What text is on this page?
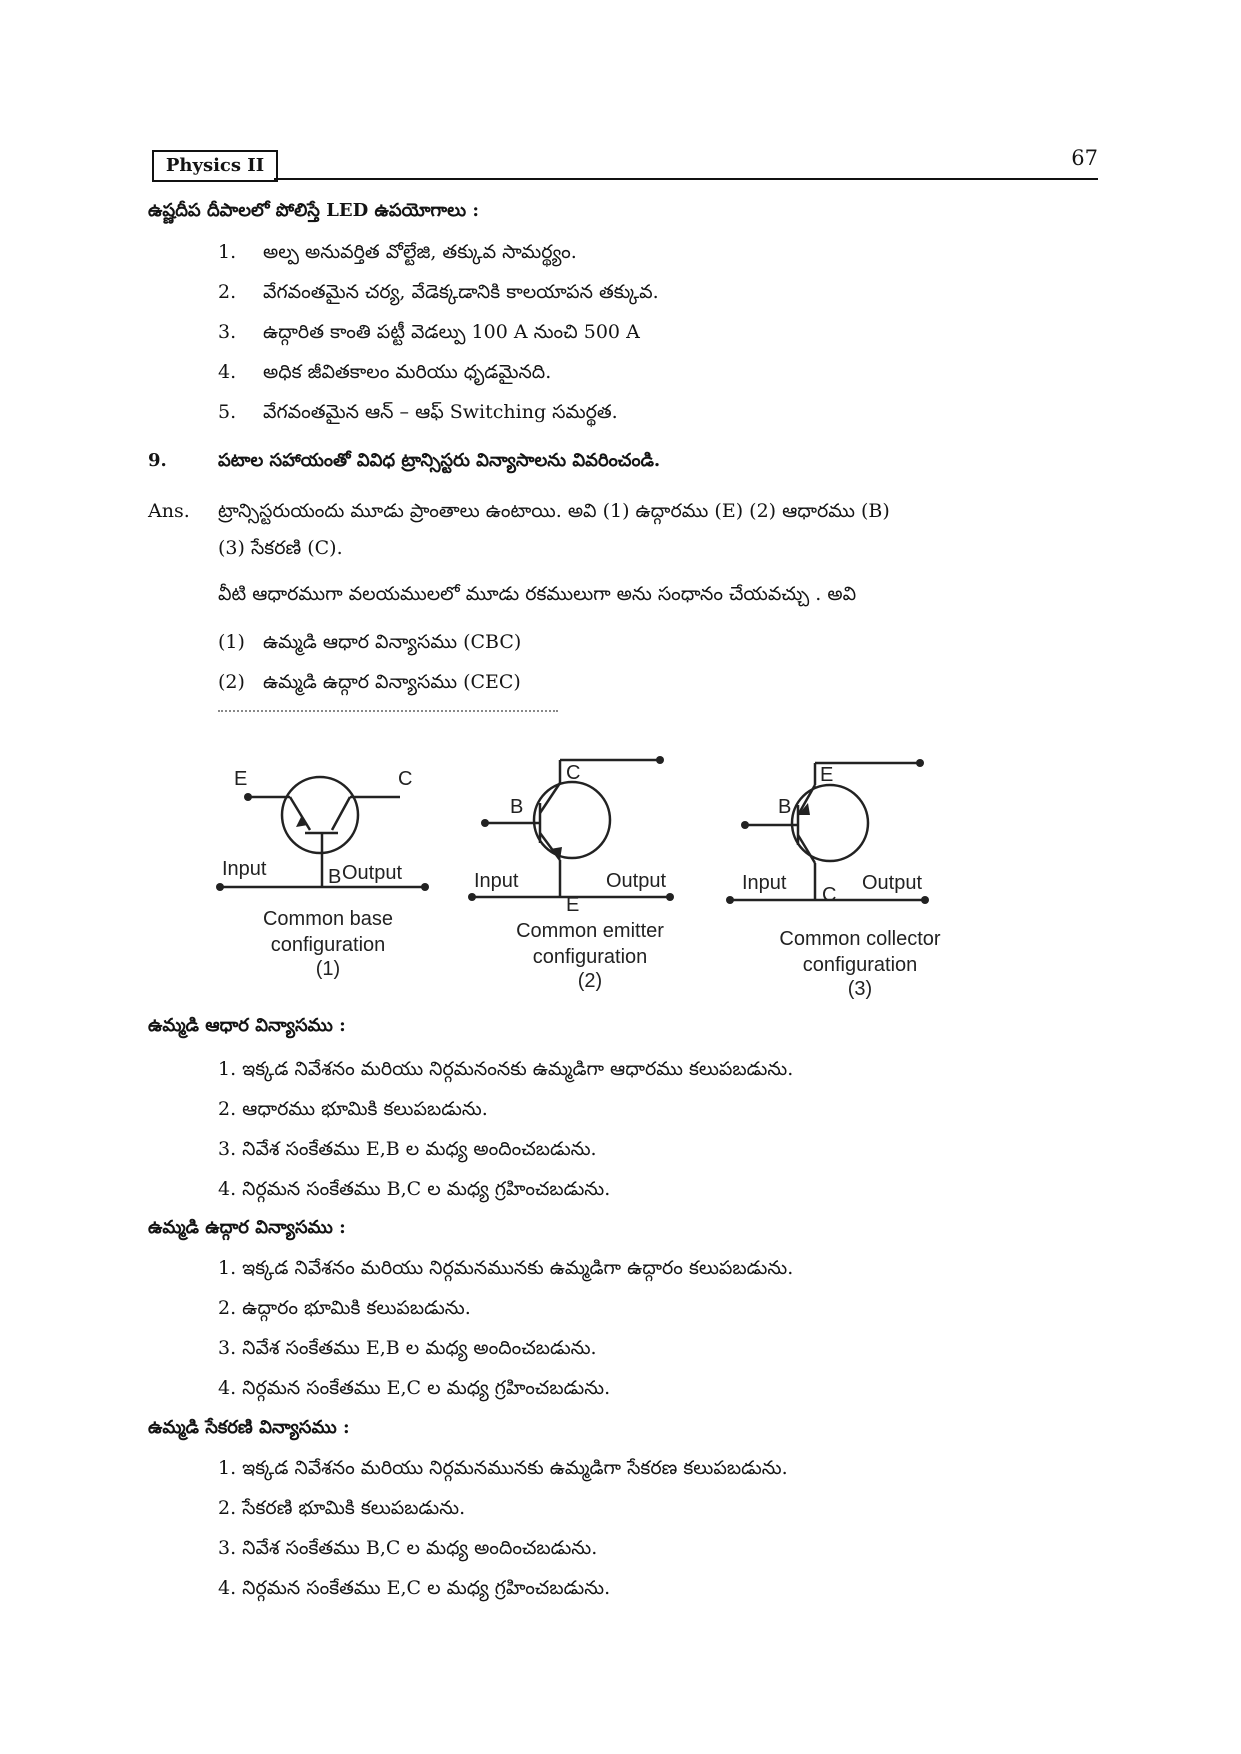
Physics II	67
ఉష్ణదీప దీపాలలో పోలిస్తే LED ఉపయోగాలు :
1. అల్ప అనువర్తిత వోల్టేజి, తక్కువ సామర్థ్యం.
2. వేగవంతమైన చర్య, వేడెక్కడానికి కాలయాపన తక్కువ.
3. ఉద్గారిత కాంతి పట్టీ వెడల్పు 100 A నుంచి 500 A
4. అధిక జీవితకాలం మరియు ధృడమైనది.
5. వేగవంతమైన ఆన్ – ఆఫ్ Switching సమర్థత.
9.	పటాల సహాయంతో వివిధ ట్రాన్సిస్టరు విన్యాసాలను వివరించండి.
Ans. ట్రాన్సిస్టరుయందు మూడు ప్రాంతాలు ఉంటాయి. అవి (1) ఉద్గారము (E) (2) ఆధారము (B)
(3) సేకరణి (C).
వీటి ఆధారముగా వలయములలో మూడు రకములుగా అను సంధానం చేయవచ్చు . అవి
(1) ఉమ్మడి ఆధార విన్యాసము (CBC)
(2) ఉమ్మడి ఉద్గార విన్యాసము (CEC)
E	C
B
Input	Output
Common base
configuration
(1)
B
C
E
Input	Output
Common emitter
configuration
(2)
B
E
C
Input	Output
Common collector
configuration
(3)
ఉమ్మడి ఆధార విన్యాసము :
1. ఇక్కడ నివేశనం మరియు నిర్గమనంనకు ఉమ్మడిగా ఆధారము కలుపబడును.
2. ఆధారము భూమికి కలుపబడును.
3. నివేశ సంకేతము E,B ల మధ్య అందించబడును.
4. నిర్గమన సంకేతము B,C ల మధ్య గ్రహించబడును.
ఉమ్మడి ఉద్గార విన్యాసము :
1. ఇక్కడ నివేశనం మరియు నిర్గమనమునకు ఉమ్మడిగా ఉద్గారం కలుపబడును.
2. ఉద్గారం భూమికి కలుపబడును.
3. నివేశ సంకేతము E,B ల మధ్య అందించబడును.
4. నిర్గమన సంకేతము E,C ల మధ్య గ్రహించబడును.
ఉమ్మడి సేకరణి విన్యాసము :
1. ఇక్కడ నివేశనం మరియు నిర్గమనమునకు ఉమ్మడిగా సేకరణ కలుపబడును.
2. సేకరణి భూమికి కలుపబడును.
3. నివేశ సంకేతము B,C ల మధ్య అందించబడును.
4. నిర్గమన సంకేతము E,C ల మధ్య గ్రహించబడును.
